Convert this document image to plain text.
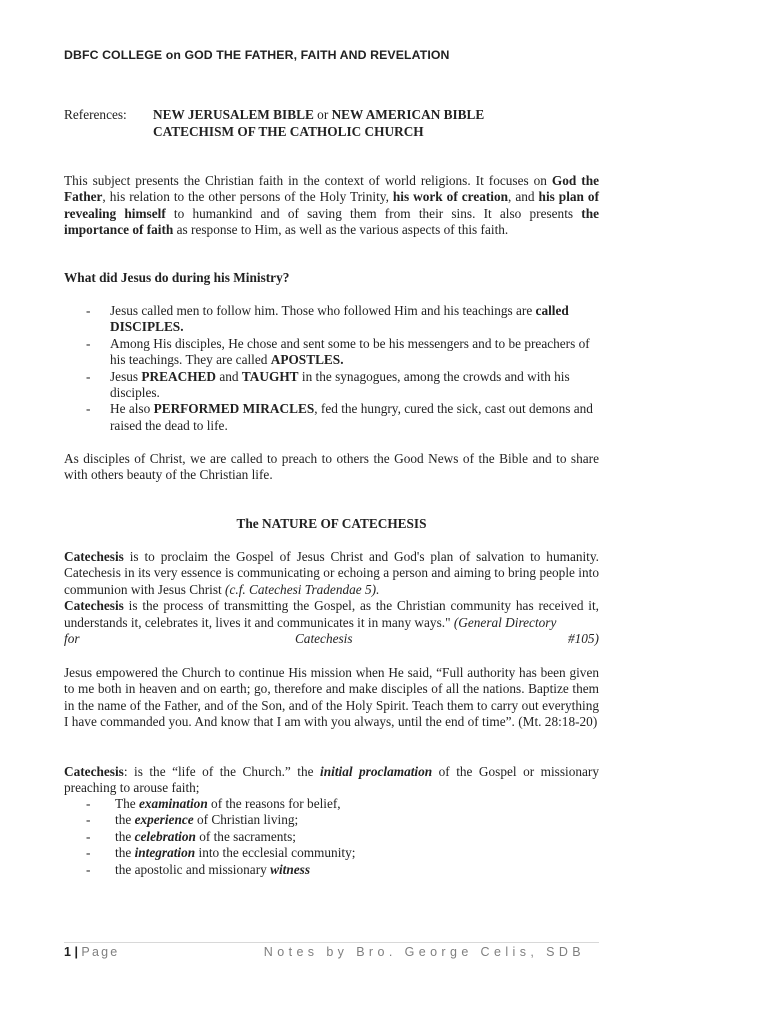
DBFC COLLEGE on GOD THE FATHER, FAITH AND REVELATION
References: NEW JERUSALEM BIBLE or NEW AMERICAN BIBLE
CATECHISM OF THE CATHOLIC CHURCH
This subject presents the Christian faith in the context of world religions. It focuses on God the Father, his relation to the other persons of the Holy Trinity, his work of creation, and his plan of revealing himself to humankind and of saving them from their sins. It also presents the importance of faith as response to Him, as well as the various aspects of this faith.
What did Jesus do during his Ministry?
- Jesus called men to follow him. Those who followed Him and his teachings are called DISCIPLES.
- Among His disciples, He chose and sent some to be his messengers and to be preachers of his teachings. They are called APOSTLES.
- Jesus PREACHED and TAUGHT in the synagogues, among the crowds and with his disciples.
- He also PERFORMED MIRACLES, fed the hungry, cured the sick, cast out demons and raised the dead to life.
As disciples of Christ, we are called to preach to others the Good News of the Bible and to share with others beauty of the Christian life.
The NATURE OF CATECHESIS
Catechesis is to proclaim the Gospel of Jesus Christ and God's plan of salvation to humanity. Catechesis in its very essence is communicating or echoing a person and aiming to bring people into communion with Jesus Christ (c.f. Catechesi Tradendae 5).
Catechesis is the process of transmitting the Gospel, as the Christian community has received it, understands it, celebrates it, lives it and communicates it in many ways." (General Directory
for	Catechesis	#105)
Jesus empowered the Church to continue His mission when He said, “Full authority has been given to me both in heaven and on earth; go, therefore and make disciples of all the nations. Baptize them in the name of the Father, and of the Son, and of the Holy Spirit. Teach them to carry out everything I have commanded you. And know that I am with you always, until the end of time”. (Mt. 28:18-20)
Catechesis: is the “life of the Church.” the initial proclamation of the Gospel or missionary preaching to arouse faith;
- The examination of the reasons for belief,
- the experience of Christian living;
- the celebration of the sacraments;
- the integration into the ecclesial community;
- the apostolic and missionary witness
1 | Page	Notes by Bro. George Celis, SDB
